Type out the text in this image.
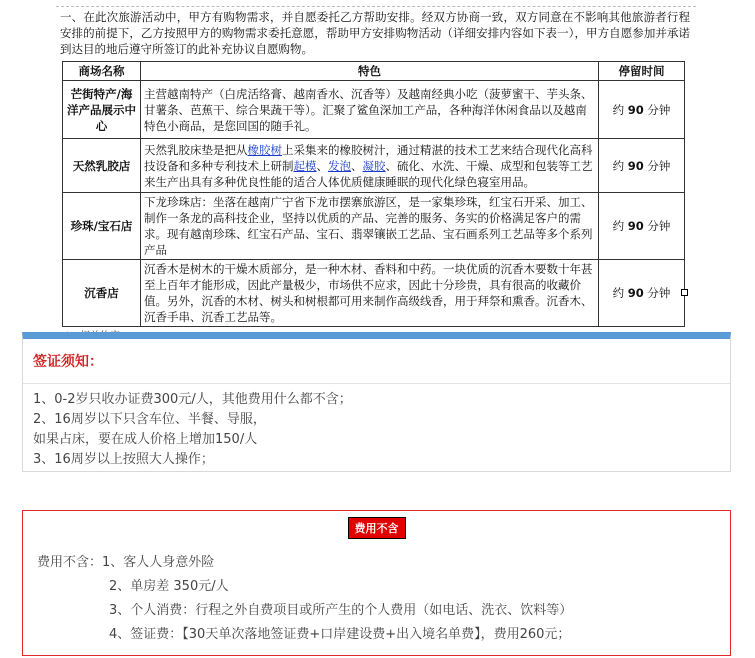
一、在此次旅游活动中，甲方有购物需求，并自愿委托乙方帮助安排。经双方协商一致，双方同意在不影响其他旅游者行程安排的前提下，乙方按照甲方的购物需求委托意愿，帮助甲方安排购物活动（详细安排内容如下表一），甲方自愿参加并承诺到达目的地后遵守所签订的此补充协议自愿购物。

商场名称	特色	停留时间
芒街特产/海洋产品展示中心	主营越南特产（白虎活络膏、越南香水、沉香等）及越南经典小吃（菠萝蜜干、芋头条、甘薯条、芭蕉干、综合果蔬干等）。汇聚了鲨鱼深加工产品，各种海洋休闲食品以及越南特色小商品，是您回国的随手礼。	约 90 分钟
天然乳胶店	天然乳胶床垫是把从橡胶树上采集来的橡胶树汁，通过精湛的技术工艺来结合现代化高科技设备和多种专利技术上研制起模、发泡、凝胶、硫化、水洗、干燥、成型和包装等工艺来生产出具有多种优良性能的适合人体优质健康睡眠的现代化绿色寝室用品。	约 90 分钟
珍珠/宝石店	下龙珍珠店：坐落在越南广宁省下龙市摆寨旅游区，是一家集珍珠，红宝石开采、加工、制作一条龙的高科技企业，坚持以优质的产品、完善的服务、务实的价格满足客户的需求。现有越南珍珠、红宝石产品、宝石、翡翠镶嵌工艺品、宝石画系列工艺品等多个系列产品	约 90 分钟
沉香店	沉香木是树木的干燥木质部分，是一种木材、香料和中药。一块优质的沉香木要数十年甚至上百年才能形成，因此产量极少，市场供不应求，因此十分珍贵，具有很高的收藏价值。另外，沉香的木材、树头和树根都可用来制作高级线香，用于拜祭和熏香。沉香木、沉香手串、沉香工艺品等。	约 90 分钟
签证须知：
1、0-2岁只收办证费300元/人，其他费用什么都不含；
2、16周岁以下只含车位、半餐、导服，
如果占床，要在成人价格上增加150/人
3、16周岁以上按照大人操作；
费用不含
费用不含：1、客人人身意外险
2、单房差 350元/人
3、个人消费：行程之外自费项目或所产生的个人费用（如电话、洗衣、饮料等）
4、签证费：【30天单次落地签证费+口岸建设费+出入境名单费】，费用260元；
